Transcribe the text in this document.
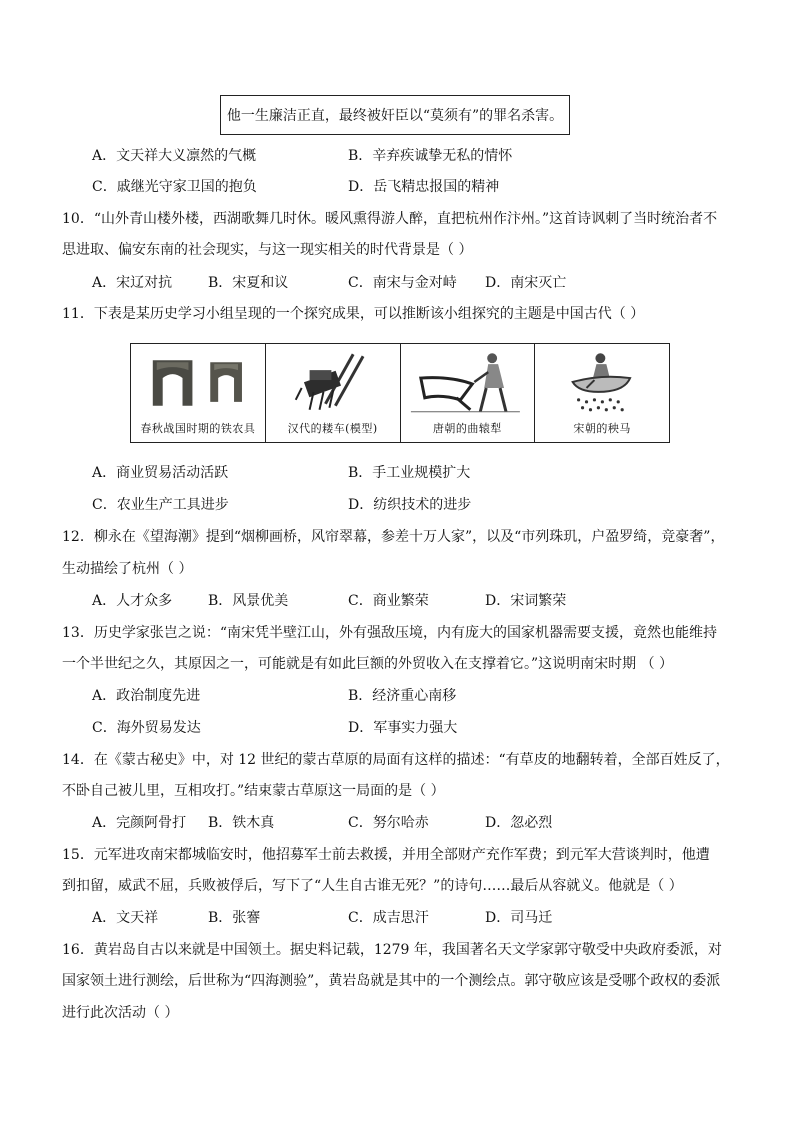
他一生廉洁正直，最终被奸臣以“莫须有”的罪名杀害。
A．文天祥大义凛然的气概	B．辛弃疾诚挚无私的情怀
C．戚继光守家卫国的抱负	D．岳飞精忠报国的精神
10．“山外青山楼外楼，西湖歌舞几时休。暖风熏得游人醉，直把杭州作汴州。”这首诗讽刺了当时统治者不
思进取、偏安东南的社会现实，与这一现实相关的时代背景是（ ）
A．宋辽对抗	B．宋夏和议	C．南宋与金对峙 D．南宋灭亡
11．下表是某历史学习小组呈现的一个探究成果，可以推断该小组探究的主题是中国古代（ ）
春秋战国时期的铁农具	汉代的耧车(模型)	唐朝的曲辕犁	宋朝的秧马
A．商业贸易活动活跃	B．手工业规模扩大
C．农业生产工具进步	D．纺织技术的进步
12．柳永在《望海潮》提到“烟柳画桥，风帘翠幕，参差十万人家”，以及“市列珠玑，户盈罗绮，竞豪奢”，
生动描绘了杭州（ ）
A．人才众多	B．风景优美	C．商业繁荣	D．宋词繁荣
13．历史学家张岂之说：“南宋凭半壁江山，外有强敌压境，内有庞大的国家机器需要支援，竟然也能维持
一个半世纪之久，其原因之一，可能就是有如此巨额的外贸收入在支撑着它。”这说明南宋时期 （ ）
A．政治制度先进	B．经济重心南移
C．海外贸易发达	D．军事实力强大
14．在《蒙古秘史》中，对 12 世纪的蒙古草原的局面有这样的描述：“有草皮的地翻转着，全部百姓反了，
不卧自己被儿里，互相攻打。”结束蒙古草原这一局面的是（ ）
A．完颜阿骨打 B．铁木真	C．努尔哈赤	D．忽必烈
15．元军进攻南宋都城临安时，他招募军士前去救援，并用全部财产充作军费；到元军大营谈判时，他遭
到扣留，威武不屈，兵败被俘后，写下了“人生自古谁无死？”的诗句……最后从容就义。他就是（ ）
A．文天祥	B．张謇	C．成吉思汗	D．司马迁
16．黄岩岛自古以来就是中国领土。据史料记载，1279 年，我国著名天文学家郭守敬受中央政府委派，对
国家领土进行测绘，后世称为“四海测验”，黄岩岛就是其中的一个测绘点。郭守敬应该是受哪个政权的委派
进行此次活动（ ）
